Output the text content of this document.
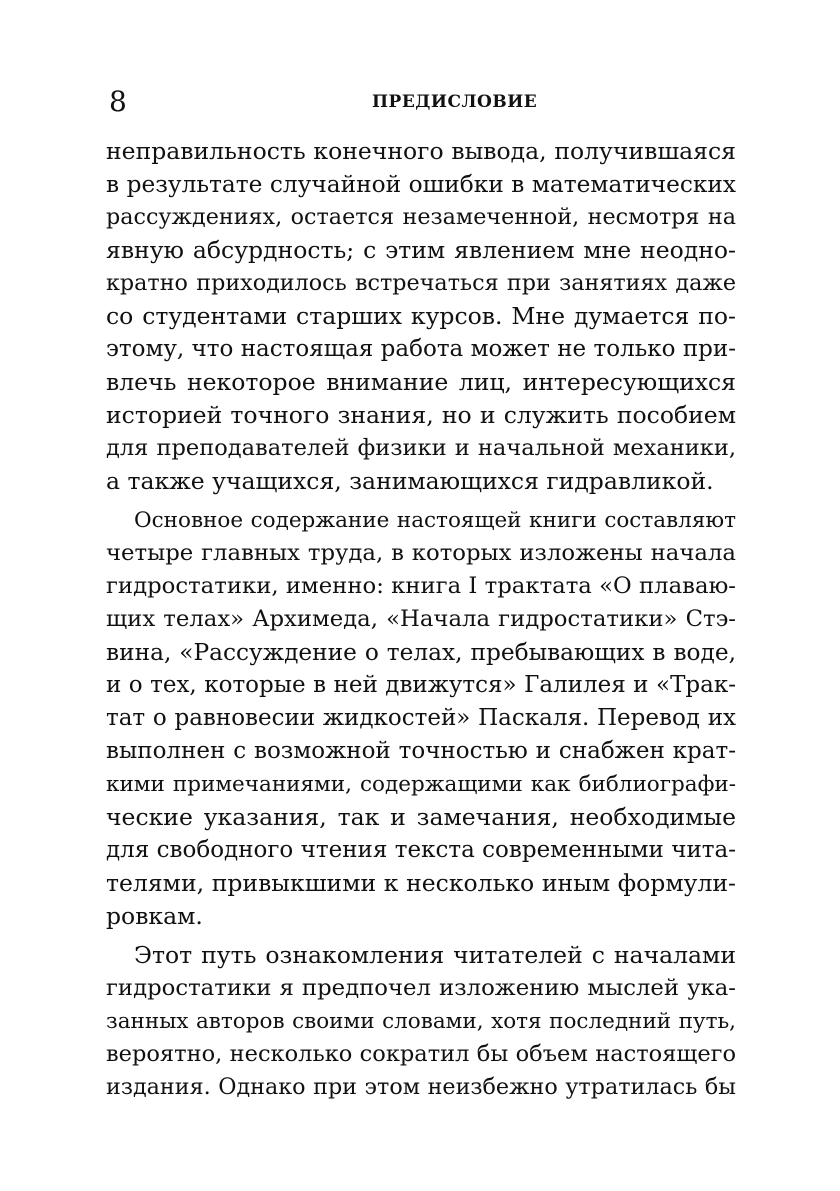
8	ПРЕДИСЛОВИЕ
неправильность конечного вывода, получившаяся
в результате случайной ошибки в математических
рассуждениях, остается незамеченной, несмотря на
явную абсурдность; с этим явлением мне неодно-
кратно приходилось встречаться при занятиях даже
со студентами старших курсов. Мне думается по-
этому, что настоящая работа может не только при-
влечь некоторое внимание лиц, интересующихся
историей точного знания, но и служить пособием
для преподавателей физики и начальной механики,
а также учащихся, занимающихся гидравликой.
Основное содержание настоящей книги составляют
четыре главных труда, в которых изложены начала
гидростатики, именно: книга I трактата «О плаваю-
щих телах» Архимеда, «Начала гидростатики» Стэ-
вина, «Рассуждение о телах, пребывающих в воде,
и о тех, которые в ней движутся» Галилея и «Трак-
тат о равновесии жидкостей» Паскаля. Перевод их
выполнен с возможной точностью и снабжен крат-
кими примечаниями, содержащими как библиографи-
ческие указания, так и замечания, необходимые
для свободного чтения текста современными чита-
телями, привыкшими к несколько иным формули-
ровкам.
Этот путь ознакомления читателей с началами
гидростатики я предпочел изложению мыслей ука-
занных авторов своими словами, хотя последний путь,
вероятно, несколько сократил бы объем настоящего
издания. Однако при этом неизбежно утратилась бы
